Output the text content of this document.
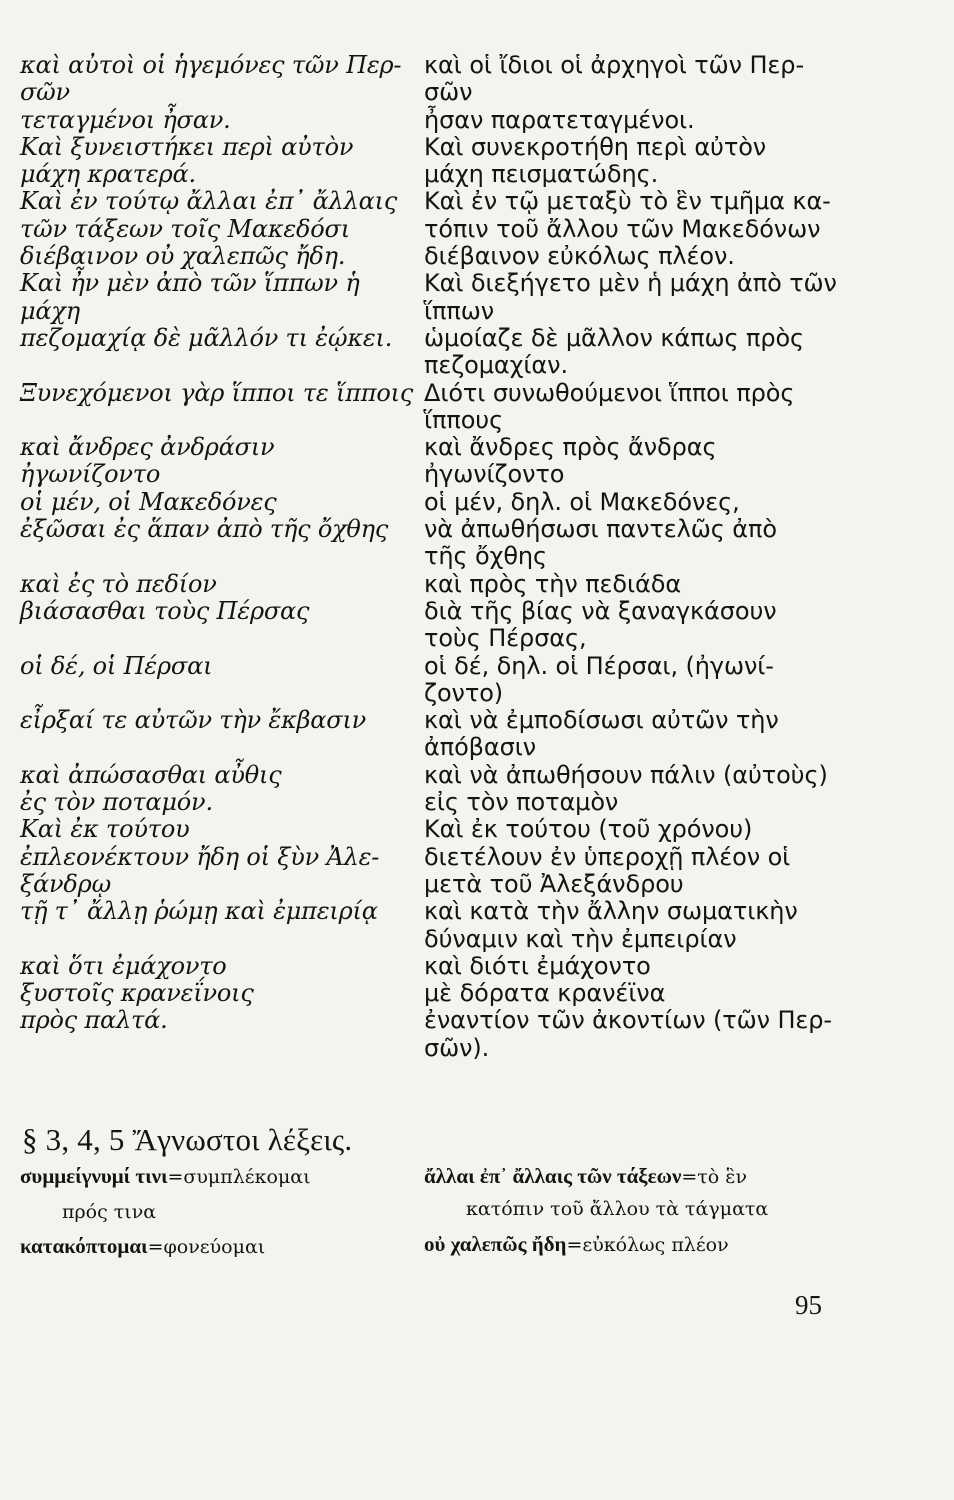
καὶ αὐτοὶ οἱ ἡγεμόνες τῶν Περ-
σῶν
τεταγμένοι ἦσαν.
Καὶ ξυνειστήκει περὶ αὐτὸν
μάχη κρατερά.
Καὶ ἐν τούτῳ ἄλλαι ἐπ᾽ ἄλλαις
τῶν τάξεων τοῖς Μακεδόσι
διέβαινον οὐ χαλεπῶς ἤδη.
Καὶ ἦν μὲν ἀπὸ τῶν ἵππων ἡ
μάχη
πεζομαχίᾳ δὲ μᾶλλόν τι ἐῴκει.
Ξυνεχόμενοι γὰρ ἵπποι τε ἵπποις
καὶ ἄνδρες ἀνδράσιν
ἠγωνίζοντο
οἱ μέν, οἱ Μακεδόνες
ἐξῶσαι ἐς ἅπαν ἀπὸ τῆς ὄχθης
καὶ ἐς τὸ πεδίον
βιάσασθαι τοὺς Πέρσας
οἱ δέ, οἱ Πέρσαι
εἶρξαί τε αὐτῶν τὴν ἔκβασιν
καὶ ἀπώσασθαι αὖθις
ἐς τὸν ποταμόν.
Καὶ ἐκ τούτου
ἐπλεονέκτουν ἤδη οἱ ξὺν Ἀλε-
ξάνδρῳ
τῇ τ᾽ ἄλλῃ ῥώμῃ καὶ ἐμπειρίᾳ
καὶ ὅτι ἐμάχοντο
ξυστοῖς κρανεΐνοις
πρὸς παλτά.
καὶ οἱ ἴδιοι οἱ ἀρχηγοὶ τῶν Περ-
σῶν
ἦσαν παρατεταγμένοι.
Καὶ συνεκροτήθη περὶ αὐτὸν
μάχη πεισματώδης.
Καὶ ἐν τῷ μεταξὺ τὸ ἓν τμῆμα κα-
τόπιν τοῦ ἄλλου τῶν Μακεδόνων
διέβαινον εὐκόλως πλέον.
Καὶ διεξήγετο μὲν ἡ μάχη ἀπὸ τῶν
ἵππων
ὡμοίαζε δὲ μᾶλλον κάπως πρὸς
πεζομαχίαν.
Διότι συνωθούμενοι ἵπποι πρὸς
ἵππους
καὶ ἄνδρες πρὸς ἄνδρας
ἠγωνίζοντο
οἱ μέν, δηλ. οἱ Μακεδόνες,
νὰ ἀπωθήσωσι παντελῶς ἀπὸ
τῆς ὄχθης
καὶ πρὸς τὴν πεδιάδα
διὰ τῆς βίας νὰ ξαναγκάσουν
τοὺς Πέρσας,
οἱ δέ, δηλ. οἱ Πέρσαι, (ἠγωνί-
ζοντο)
καὶ νὰ ἐμποδίσωσι αὐτῶν τὴν
ἀπόβασιν
καὶ νὰ ἀπωθήσουν πάλιν (αὐτοὺς)
εἰς τὸν ποταμὸν
Καὶ ἐκ τούτου (τοῦ χρόνου)
διετέλουν ἐν ὑπεροχῇ πλέον οἱ
μετὰ τοῦ Ἀλεξάνδρου
καὶ κατὰ τὴν ἄλλην σωματικὴν
δύναμιν καὶ τὴν ἐμπειρίαν
καὶ διότι ἐμάχοντο
μὲ δόρατα κρανέϊνα
ἐναντίον τῶν ἀκοντίων (τῶν Περ-
σῶν).
§ 3, 4, 5 Ἄγνωστοι λέξεις.
συμμείγνυμί τινι=συμπλέκομαι
πρός τινα
κατακόπτομαι=φονεύομαι
ἄλλαι ἐπ᾽ ἄλλαις τῶν τάξεων=τὸ ἓν
κατόπιν τοῦ ἄλλου τὰ τάγματα
οὐ χαλεπῶς ἤδη=εὐκόλως πλέον
95
